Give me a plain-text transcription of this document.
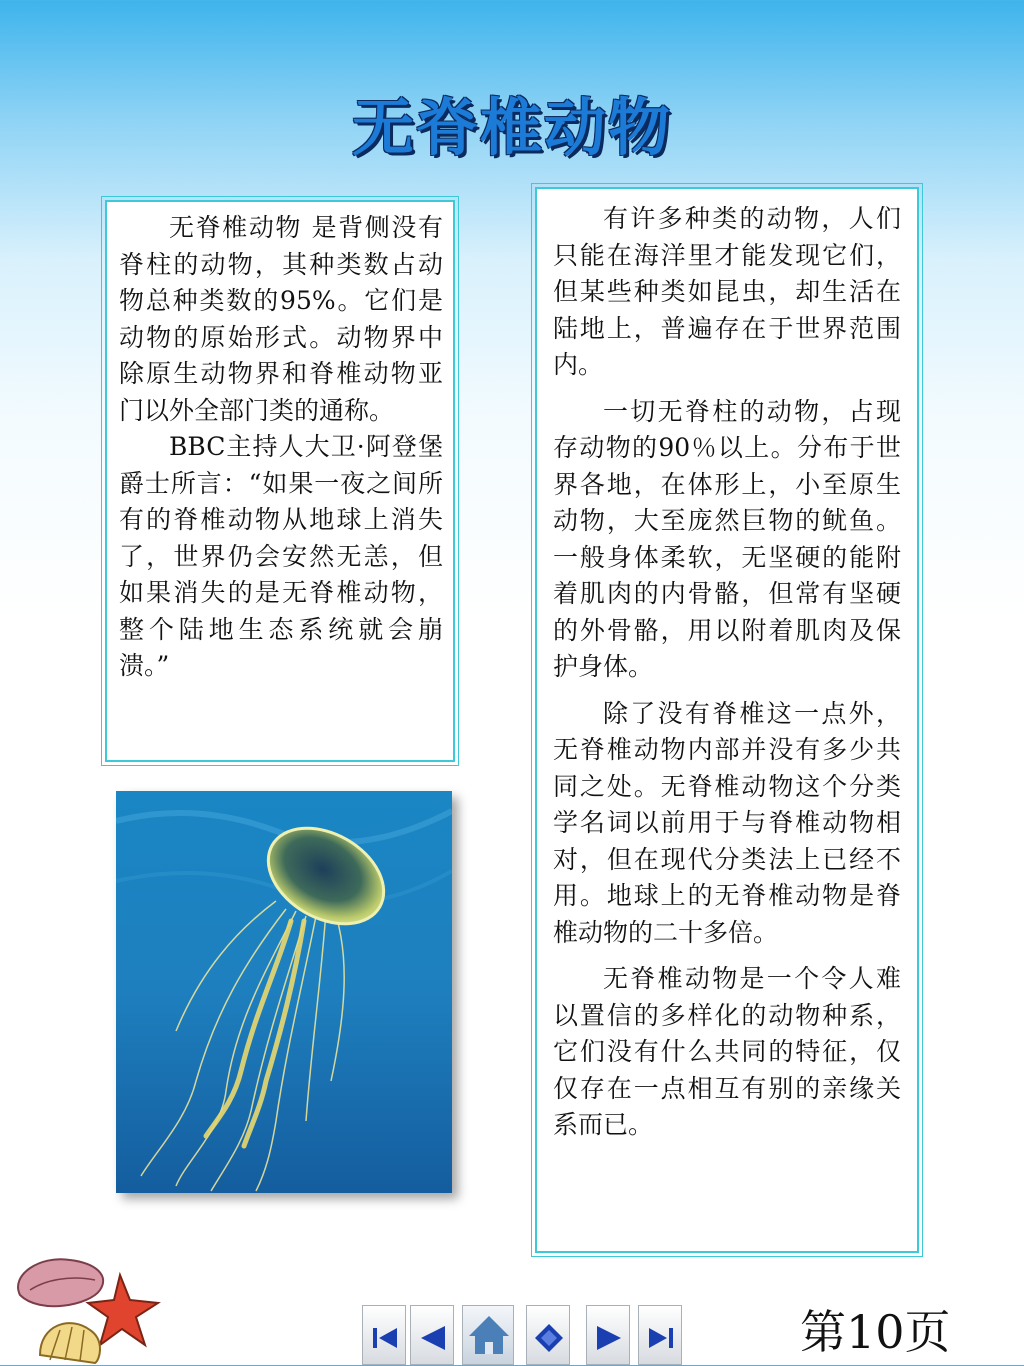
无脊椎动物

无脊椎动物 是背侧没有脊柱的动物，其种类数占动物总种类数的95%。它们是动物的原始形式。动物界中除原生动物界和脊椎动物亚门以外全部门类的通称。

BBC主持人大卫·阿登堡爵士所言：“如果一夜之间所有的脊椎动物从地球上消失了，世界仍会安然无恙，但如果消失的是无脊椎动物，整个陆地生态系统就会崩溃。”

有许多种类的动物，人们只能在海洋里才能发现它们，但某些种类如昆虫，却生活在陆地上，普遍存在于世界范围内。

一切无脊柱的动物，占现存动物的90％以上。分布于世界各地，在体形上，小至原生动物，大至庞然巨物的鱿鱼。一般身体柔软，无坚硬的能附着肌肉的内骨骼，但常有坚硬的外骨骼，用以附着肌肉及保护身体。

除了没有脊椎这一点外，无脊椎动物内部并没有多少共同之处。无脊椎动物这个分类学名词以前用于与脊椎动物相对，但在现代分类法上已经不用。地球上的无脊椎动物是脊椎动物的二十多倍。

无脊椎动物是一个令人难以置信的多样化的动物种系，它们没有什么共同的特征，仅仅存在一点相互有别的亲缘关系而已。

第10页
